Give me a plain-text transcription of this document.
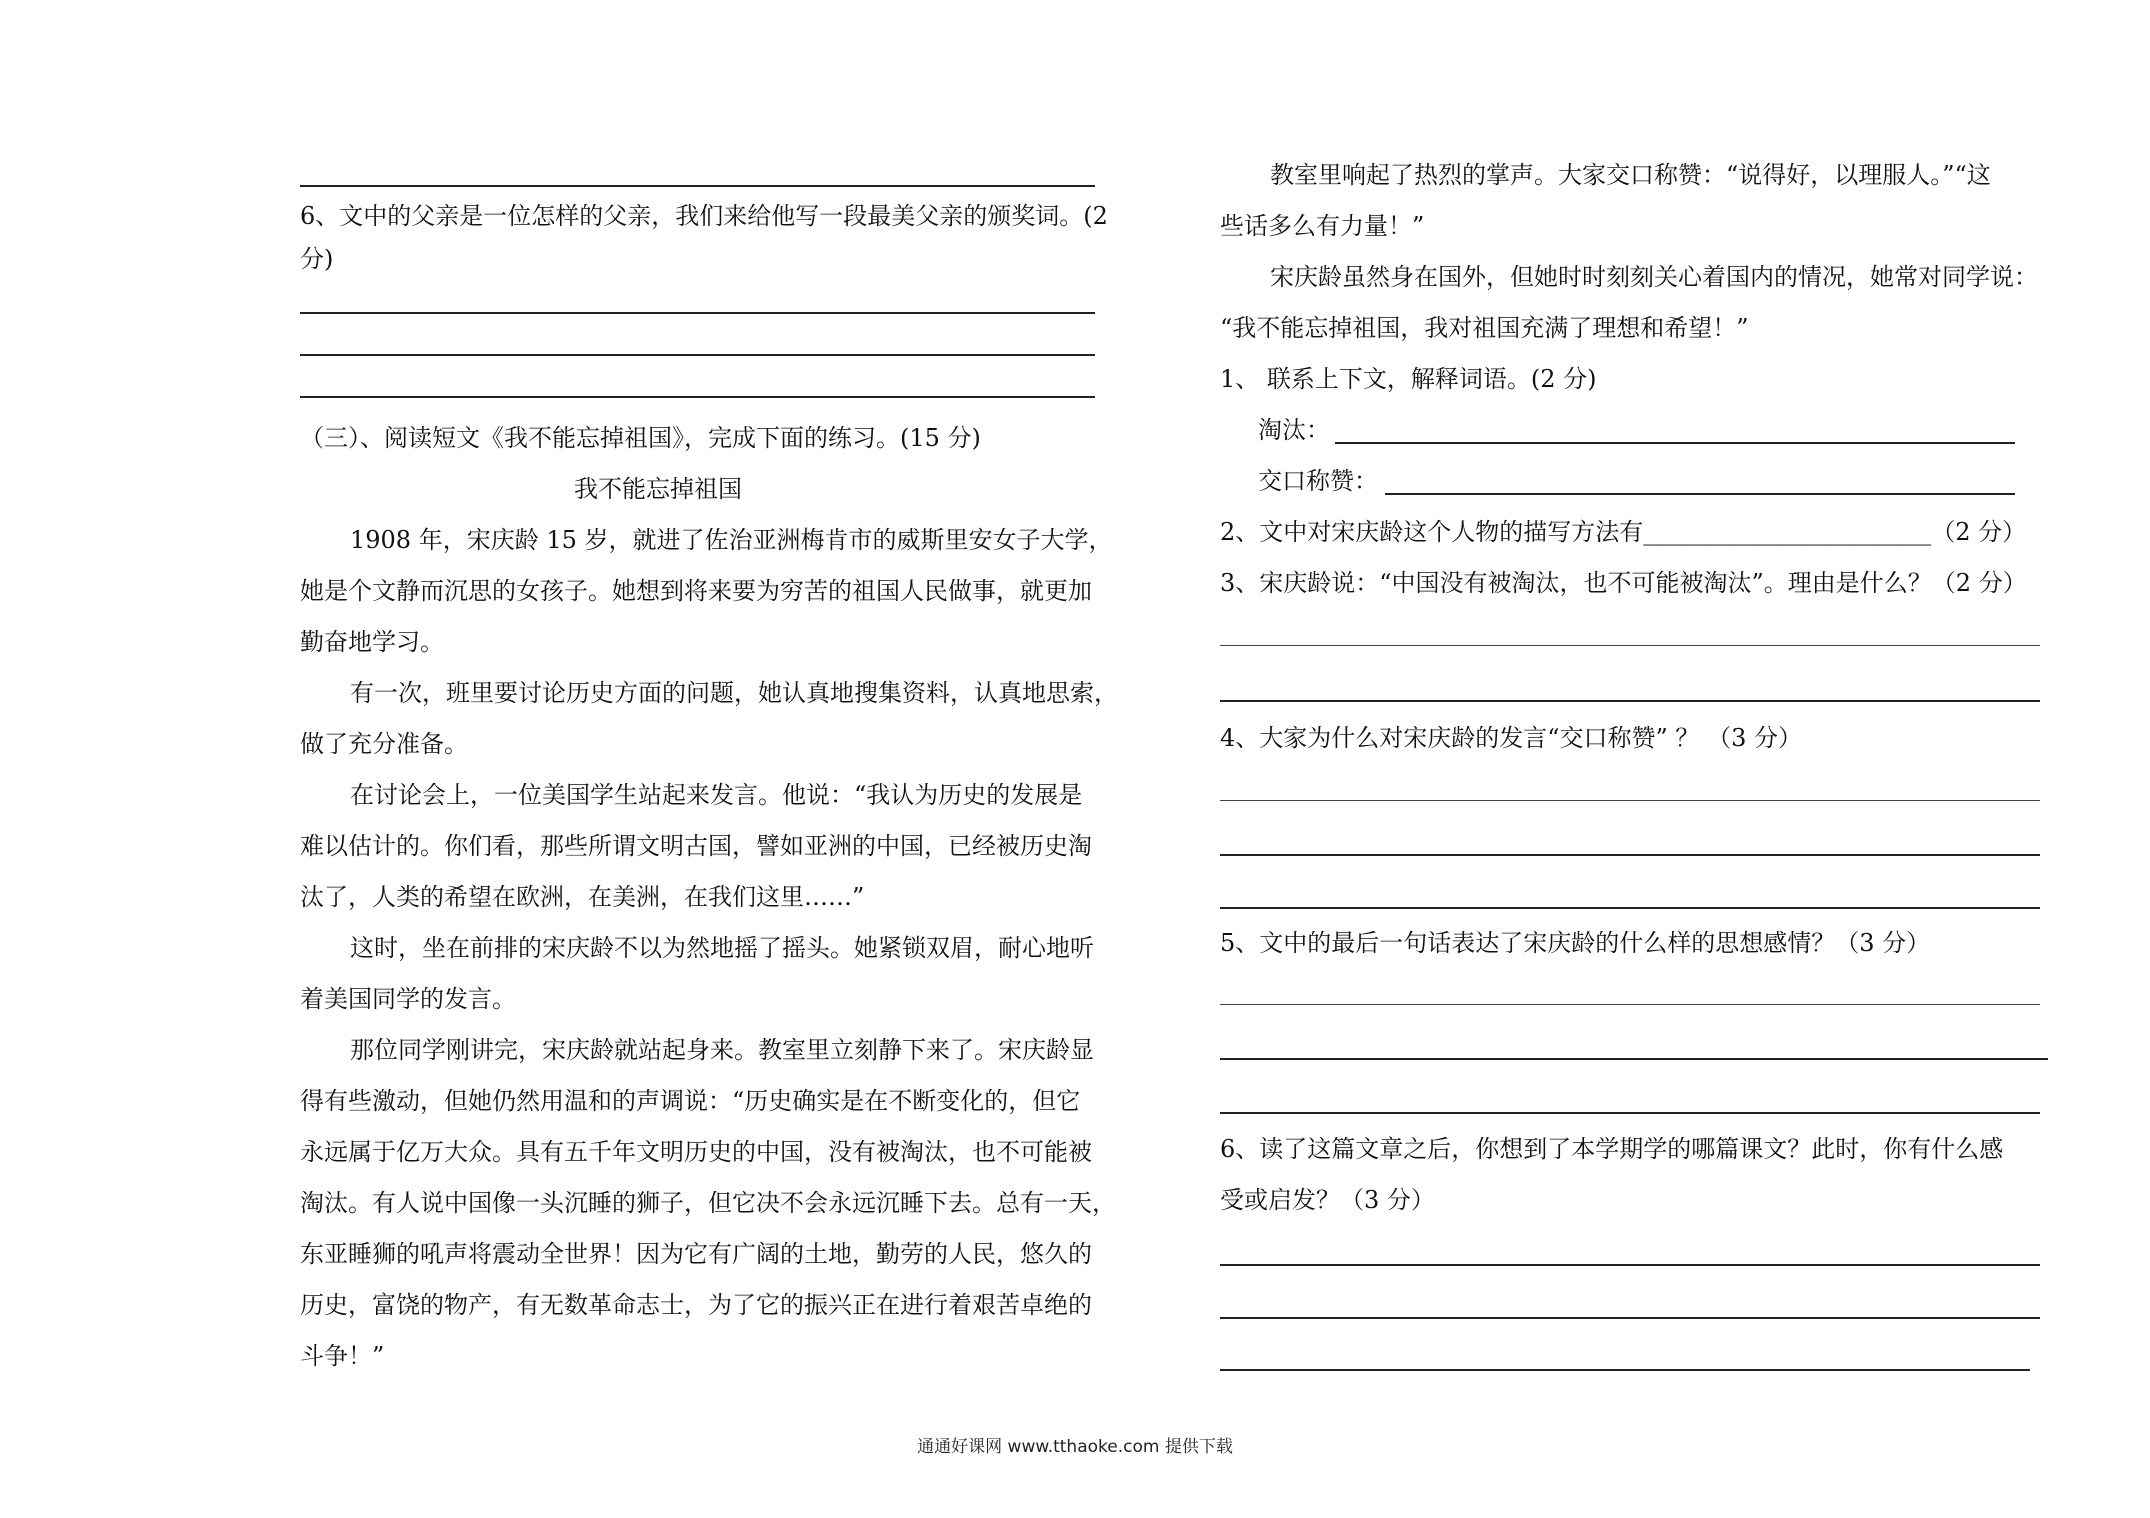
6、文中的父亲是一位怎样的父亲，我们来给他写一段最美父亲的颁奖词。(2
分)
（三）、阅读短文《我不能忘掉祖国》，完成下面的练习。(15 分)
我不能忘掉祖国
1908 年，宋庆龄 15 岁，就进了佐治亚洲梅肯市的威斯里安女子大学，
她是个文静而沉思的女孩子。她想到将来要为穷苦的祖国人民做事，就更加
勤奋地学习。
有一次，班里要讨论历史方面的问题，她认真地搜集资料，认真地思索，
做了充分准备。
在讨论会上，一位美国学生站起来发言。他说：“我认为历史的发展是
难以估计的。你们看，那些所谓文明古国，譬如亚洲的中国，已经被历史淘
汰了，人类的希望在欧洲，在美洲，在我们这里……”
这时，坐在前排的宋庆龄不以为然地摇了摇头。她紧锁双眉，耐心地听
着美国同学的发言。
那位同学刚讲完，宋庆龄就站起身来。教室里立刻静下来了。宋庆龄显
得有些激动，但她仍然用温和的声调说：“历史确实是在不断变化的，但它
永远属于亿万大众。具有五千年文明历史的中国，没有被淘汰，也不可能被
淘汰。有人说中国像一头沉睡的狮子，但它决不会永远沉睡下去。总有一天，
东亚睡狮的吼声将震动全世界！因为它有广阔的土地，勤劳的人民，悠久的
历史，富饶的物产，有无数革命志士，为了它的振兴正在进行着艰苦卓绝的
斗争！”
教室里响起了热烈的掌声。大家交口称赞：“说得好，以理服人。”“这
些话多么有力量！”
宋庆龄虽然身在国外，但她时时刻刻关心着国内的情况，她常对同学说：
“我不能忘掉祖国，我对祖国充满了理想和希望！”
1、 联系上下文，解释词语。(2 分)
淘汰：
交口称赞：
2、文中对宋庆龄这个人物的描写方法有________________________（2 分）
3、宋庆龄说：“中国没有被淘汰，也不可能被淘汰”。理由是什么？（2 分）
4、大家为什么对宋庆龄的发言“交口称赞” ？ （3 分）
5、文中的最后一句话表达了宋庆龄的什么样的思想感情？（3 分）
6、读了这篇文章之后，你想到了本学期学的哪篇课文？此时，你有什么感
受或启发？（3 分）
通通好课网 www.tthaoke.com 提供下载
